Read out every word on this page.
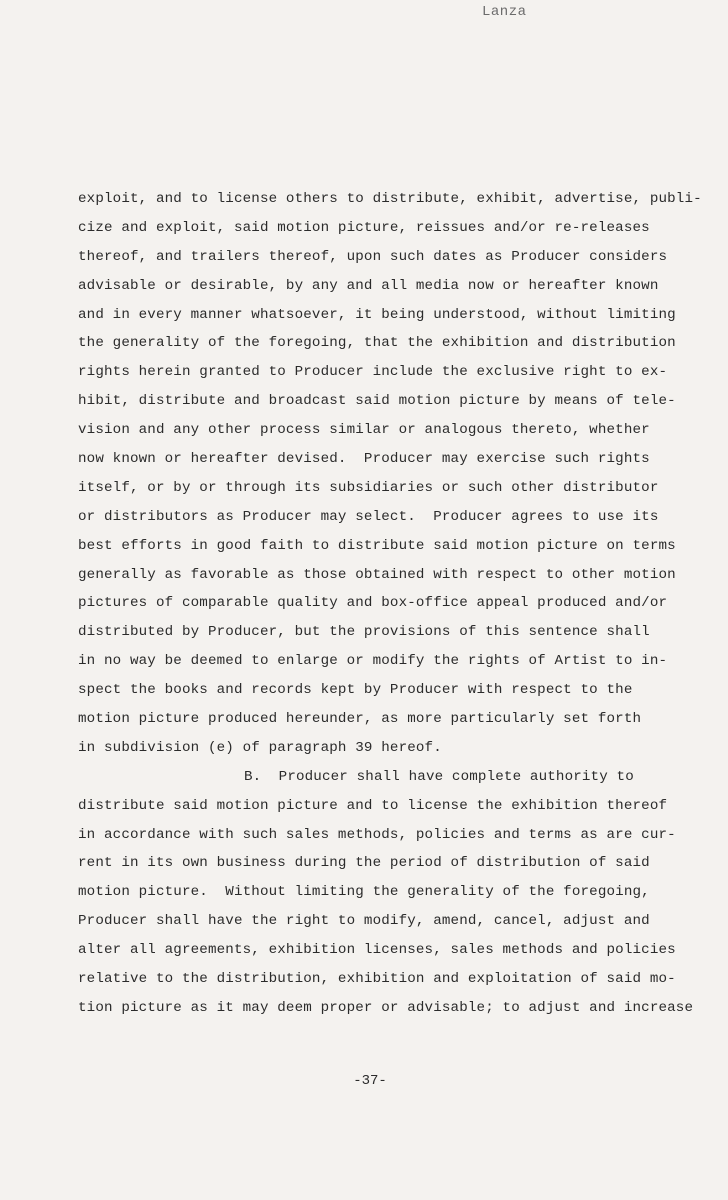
Lanza
exploit, and to license others to distribute, exhibit, advertise, publi-
cize and exploit, said motion picture, reissues and/or re-releases
thereof, and trailers thereof, upon such dates as Producer considers
advisable or desirable, by any and all media now or hereafter known
and in every manner whatsoever, it being understood, without limiting
the generality of the foregoing, that the exhibition and distribution
rights herein granted to Producer include the exclusive right to ex-
hibit, distribute and broadcast said motion picture by means of tele-
vision and any other process similar or analogous thereto, whether
now known or hereafter devised.  Producer may exercise such rights
itself, or by or through its subsidiaries or such other distributor
or distributors as Producer may select.  Producer agrees to use its
best efforts in good faith to distribute said motion picture on terms
generally as favorable as those obtained with respect to other motion
pictures of comparable quality and box-office appeal produced and/or
distributed by Producer, but the provisions of this sentence shall
in no way be deemed to enlarge or modify the rights of Artist to in-
spect the books and records kept by Producer with respect to the
motion picture produced hereunder, as more particularly set forth
in subdivision (e) of paragraph 39 hereof.
B.  Producer shall have complete authority to
distribute said motion picture and to license the exhibition thereof
in accordance with such sales methods, policies and terms as are cur-
rent in its own business during the period of distribution of said
motion picture.  Without limiting the generality of the foregoing,
Producer shall have the right to modify, amend, cancel, adjust and
alter all agreements, exhibition licenses, sales methods and policies
relative to the distribution, exhibition and exploitation of said mo-
tion picture as it may deem proper or advisable; to adjust and increase
-37-
